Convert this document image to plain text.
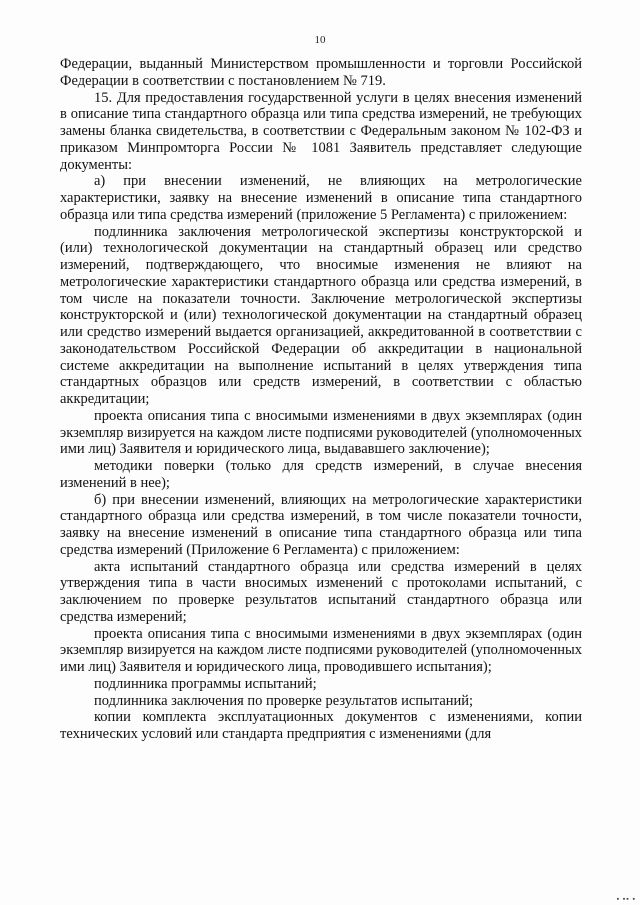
10

Федерации, выданный Министерством промышленности и торговли Российской Федерации в соответствии с постановлением № 719.

15. Для предоставления государственной услуги в целях внесения изменений в описание типа стандартного образца или типа средства измерений, не требующих замены бланка свидетельства, в соответствии с Федеральным законом № 102-ФЗ и приказом Минпромторга России № 1081 Заявитель представляет следующие документы:

а) при внесении изменений, не влияющих на метрологические характеристики, заявку на внесение изменений в описание типа стандартного образца или типа средства измерений (приложение 5 Регламента) с приложением:

подлинника заключения метрологической экспертизы конструкторской и (или) технологической документации на стандартный образец или средство измерений, подтверждающего, что вносимые изменения не влияют на метрологические характеристики стандартного образца или средства измерений, в том числе на показатели точности. Заключение метрологической экспертизы конструкторской и (или) технологической документации на стандартный образец или средство измерений выдается организацией, аккредитованной в соответствии с законодательством Российской Федерации об аккредитации в национальной системе аккредитации на выполнение испытаний в целях утверждения типа стандартных образцов или средств измерений, в соответствии с областью аккредитации;

проекта описания типа с вносимыми изменениями в двух экземплярах (один экземпляр визируется на каждом листе подписями руководителей (уполномоченных ими лиц) Заявителя и юридического лица, выдававшего заключение);

методики поверки (только для средств измерений, в случае внесения изменений в нее);

б) при внесении изменений, влияющих на метрологические характеристики стандартного образца или средства измерений, в том числе показатели точности, заявку на внесение изменений в описание типа стандартного образца или типа средства измерений (Приложение 6 Регламента) с приложением:

акта испытаний стандартного образца или средства измерений в целях утверждения типа в части вносимых изменений с протоколами испытаний, с заключением по проверке результатов испытаний стандартного образца или средства измерений;

проекта описания типа с вносимыми изменениями в двух экземплярах (один экземпляр визируется на каждом листе подписями руководителей (уполномоченных ими лиц) Заявителя и юридического лица, проводившего испытания);

подлинника программы испытаний;

подлинника заключения по проверке результатов испытаний;

копии комплекта эксплуатационных документов с изменениями, копии технических условий или стандарта предприятия с изменениями (для

▪ ▪▪ ▪
